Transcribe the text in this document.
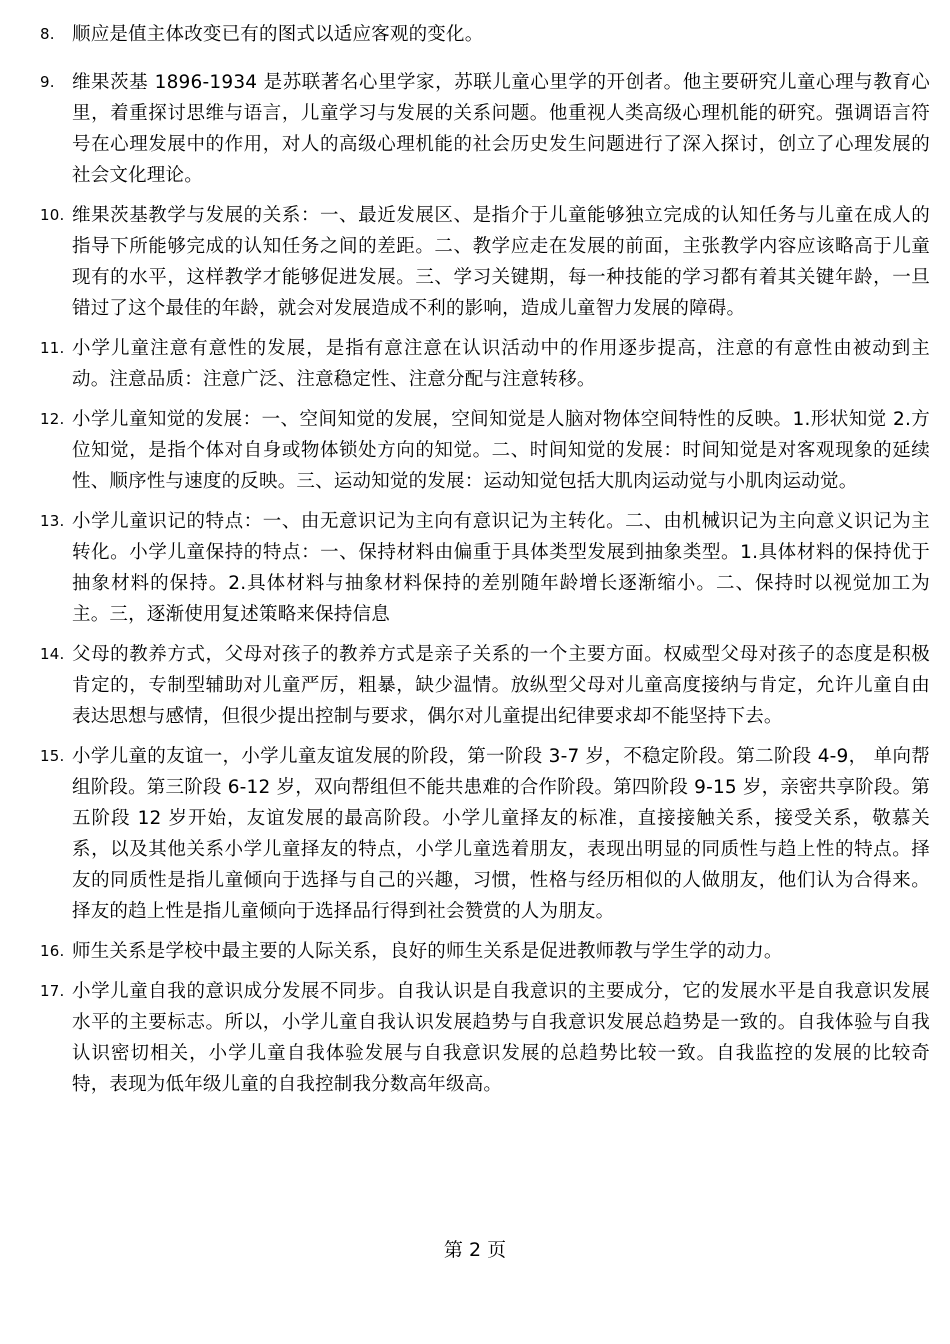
8. 顺应是值主体改变已有的图式以适应客观的变化。
9. 维果茨基 1896-1934 是苏联著名心里学家，苏联儿童心里学的开创者。他主要研究儿童心理与教育心里，着重探讨思维与语言，儿童学习与发展的关系问题。他重视人类高级心理机能的研究。强调语言符号在心理发展中的作用，对人的高级心理机能的社会历史发生问题进行了深入探讨，创立了心理发展的社会文化理论。
10. 维果茨基教学与发展的关系：一、最近发展区、是指介于儿童能够独立完成的认知任务与儿童在成人的指导下所能够完成的认知任务之间的差距。二、教学应走在发展的前面，主张教学内容应该略高于儿童现有的水平，这样教学才能够促进发展。三、学习关键期，每一种技能的学习都有着其关键年龄，一旦错过了这个最佳的年龄，就会对发展造成不利的影响，造成儿童智力发展的障碍。
11. 小学儿童注意有意性的发展，是指有意注意在认识活动中的作用逐步提高，注意的有意性由被动到主动。注意品质：注意广泛、注意稳定性、注意分配与注意转移。
12. 小学儿童知觉的发展：一、空间知觉的发展，空间知觉是人脑对物体空间特性的反映。1.形状知觉 2.方位知觉，是指个体对自身或物体锁处方向的知觉。二、时间知觉的发展：时间知觉是对客观现象的延续性、顺序性与速度的反映。三、运动知觉的发展：运动知觉包括大肌肉运动觉与小肌肉运动觉。
13. 小学儿童识记的特点：一、由无意识记为主向有意识记为主转化。二、由机械识记为主向意义识记为主转化。小学儿童保持的特点：一、保持材料由偏重于具体类型发展到抽象类型。1.具体材料的保持优于抽象材料的保持。2.具体材料与抽象材料保持的差别随年龄增长逐渐缩小。二、保持时以视觉加工为主。三，逐渐使用复述策略来保持信息
14. 父母的教养方式，父母对孩子的教养方式是亲子关系的一个主要方面。权威型父母对孩子的态度是积极肯定的，专制型辅助对儿童严厉，粗暴，缺少温情。放纵型父母对儿童高度接纳与肯定，允许儿童自由表达思想与感情，但很少提出控制与要求，偶尔对儿童提出纪律要求却不能坚持下去。
15. 小学儿童的友谊一，小学儿童友谊发展的阶段，第一阶段 3-7 岁，不稳定阶段。第二阶段 4-9， 单向帮组阶段。第三阶段 6-12 岁，双向帮组但不能共患难的合作阶段。第四阶段 9-15 岁，亲密共享阶段。第五阶段 12 岁开始，友谊发展的最高阶段。小学儿童择友的标准，直接接触关系，接受关系，敬慕关系，以及其他关系小学儿童择友的特点，小学儿童选着朋友，表现出明显的同质性与趋上性的特点。择友的同质性是指儿童倾向于选择与自己的兴趣，习惯，性格与经历相似的人做朋友，他们认为合得来。择友的趋上性是指儿童倾向于选择品行得到社会赞赏的人为朋友。
16. 师生关系是学校中最主要的人际关系，良好的师生关系是促进教师教与学生学的动力。
17. 小学儿童自我的意识成分发展不同步。自我认识是自我意识的主要成分，它的发展水平是自我意识发展水平的主要标志。所以，小学儿童自我认识发展趋势与自我意识发展总趋势是一致的。自我体验与自我认识密切相关，小学儿童自我体验发展与自我意识发展的总趋势比较一致。自我监控的发展的比较奇特，表现为低年级儿童的自我控制我分数高年级高。
第 2 页
